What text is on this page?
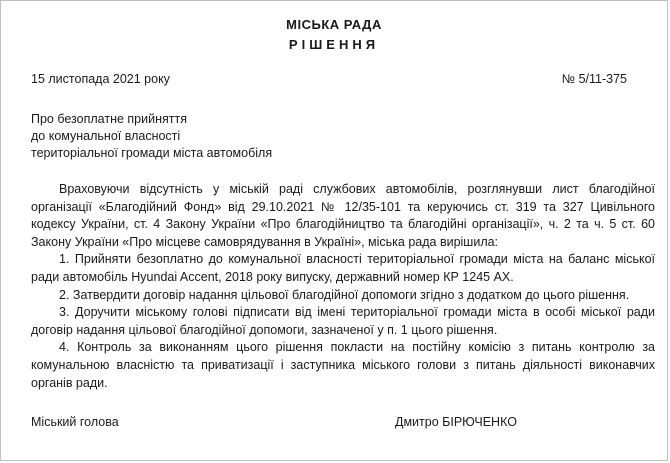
МІСЬКА РАДА
РІШЕННЯ
15 листопада 2021 року	№ 5/11-375
Про безоплатне прийняття
до комунальної власності
територіальної громади міста автомобіля

Враховуючи відсутність у міській раді службових автомобілів, розглянувши лист благодійної організації «Благодійний Фонд» від 29.10.2021 № 12/35-101 та керуючись ст. 319 та 327 Цивільного кодексу України, ст. 4 Закону України «Про благодійництво та благодійні організації», ч. 2 та ч. 5 ст. 60 Закону України «Про місцеве самоврядування в Україні», міська рада вирішила:

1. Прийняти безоплатно до комунальної власності територіальної громади міста на баланс міської ради автомобіль Hyundai Accent, 2018 року випуску, державний номер КР 1245 АХ.

2. Затвердити договір надання цільової благодійної допомоги згідно з додатком до цього рішення.

3. Доручити міському голові підписати від імені територіальної громади міста в особі міської ради договір надання цільової благодійної допомоги, зазначеної у п. 1 цього рішення.

4. Контроль за виконанням цього рішення покласти на постійну комісію з питань контролю за комунальною власністю та приватизації і заступника міського голови з питань діяльності виконавчих органів ради.

Міський голова	Дмитро БІРЮЧЕНКО
